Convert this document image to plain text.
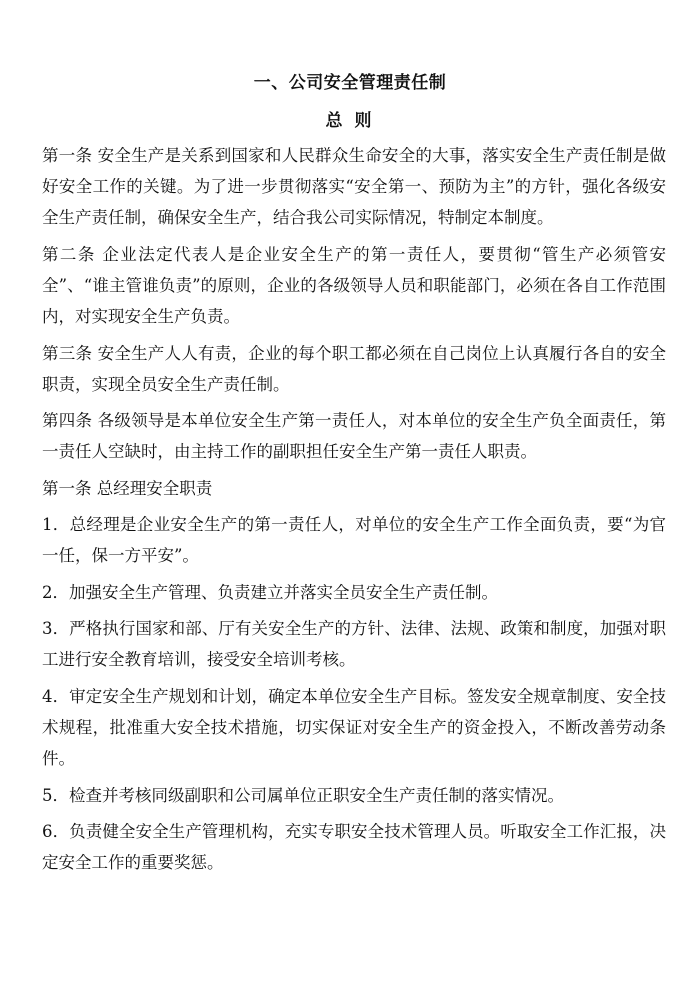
一、公司安全管理责任制
总 则

第一条 安全生产是关系到国家和人民群众生命安全的大事，落实安全生产责任制是做好安全工作的关键。为了进一步贯彻落实“安全第一、预防为主”的方针，强化各级安全生产责任制，确保安全生产，结合我公司实际情况，特制定本制度。

第二条 企业法定代表人是企业安全生产的第一责任人，要贯彻“管生产必须管安全”、“谁主管谁负责”的原则，企业的各级领导人员和职能部门，必须在各自工作范围内，对实现安全生产负责。

第三条 安全生产人人有责，企业的每个职工都必须在自己岗位上认真履行各自的安全职责，实现全员安全生产责任制。

第四条 各级领导是本单位安全生产第一责任人，对本单位的安全生产负全面责任，第一责任人空缺时，由主持工作的副职担任安全生产第一责任人职责。

第一条 总经理安全职责

1．总经理是企业安全生产的第一责任人，对单位的安全生产工作全面负责，要“为官一任，保一方平安”。

2．加强安全生产管理、负责建立并落实全员安全生产责任制。

3．严格执行国家和部、厅有关安全生产的方针、法律、法规、政策和制度，加强对职工进行安全教育培训，接受安全培训考核。

4．审定安全生产规划和计划，确定本单位安全生产目标。签发安全规章制度、安全技术规程，批准重大安全技术措施，切实保证对安全生产的资金投入，不断改善劳动条件。

5．检查并考核同级副职和公司属单位正职安全生产责任制的落实情况。

6．负责健全安全生产管理机构，充实专职安全技术管理人员。听取安全工作汇报，决定安全工作的重要奖惩。
